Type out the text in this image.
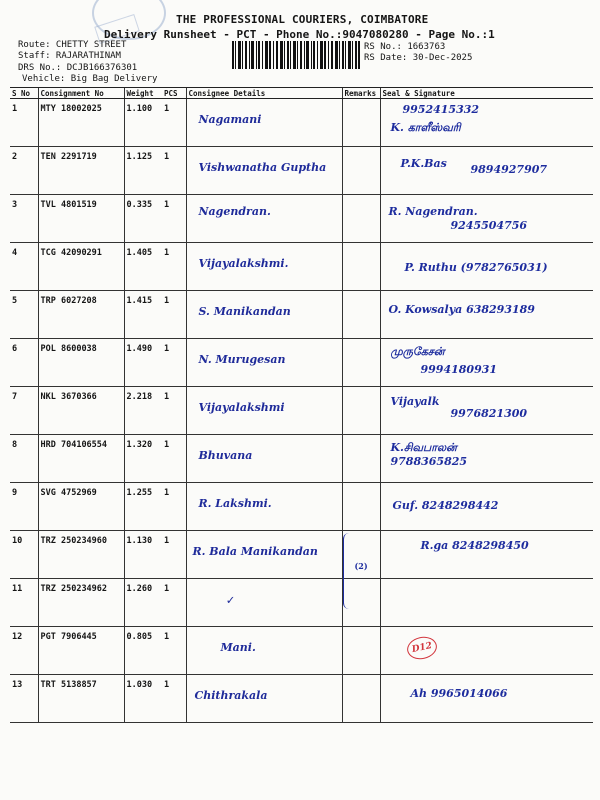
THE PROFESSIONAL COURIERS, COIMBATORE
Delivery Runsheet - PCT - Phone No.:9047080280 - Page No.:1
Route: CHETTY STREET
Staff: RAJARATHINAM
DRS No.: DCJB166376301
Vehicle: Big Bag Delivery
RS No.: 1663763
RS Date: 30-Dec-2025
S No	Consignment No	Weight	PCS	Consignee Details	Remarks	Seal & Signature
1	MTY 18002025	1.100	1	Nagamani		9952415332
K. காளீஸ்வரி

2	TEN 2291719	1.125	1	Vishwanatha Guptha		P.K.Bas 9894927907

3	TVL 4801519	0.335	1	Nagendran.		R. Nagendran.
9245504756

4	TCG 42090291	1.405	1	Vijayalakshmi.		P. Ruthu (9782765031)

5	TRP 6027208	1.415	1	S. Manikandan		O. Kowsalya 638293189

6	POL 8600038	1.490	1	N. Murugesan		முருகேசன்
9994180931

7	NKL 3670366	2.218	1	Vijayalakshmi		Vijayalk
9976821300

8	HRD 704106554	1.320	1	Bhuvana		K.சிவபாலன்
9788365825

9	SVG 4752969	1.255	1	R. Lakshmi.		Guf. 8248298442

10	TRZ 250234960	1.130	1	R. Bala Manikandan	(2)	R.ga 8248298450

11	TRZ 250234962	1.260	1	✓		

12	PGT 7906445	0.805	1	Mani.		D12

13	TRT 5138857	1.030	1	Chithrakala		Ah 9965014066
